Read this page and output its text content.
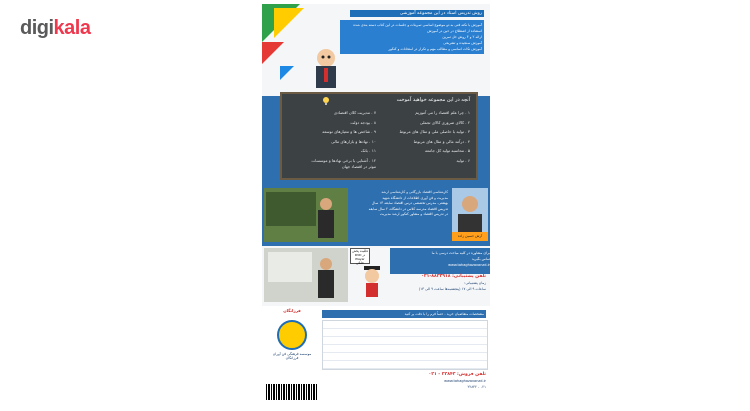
digikala
روش تدریس استاد در این مجموعه آموزشی
آموزش با نکته فنی به دو موضوع اساسی تمرینات و جلسات در این کتاب دسته بندی شده
استفاده از اصطلاح در حین در آموزش
ارائه ۲ و ۳ روش حل تمرین
آموزش سنجیده و تشریحی
آموزش نکات اساسی و مطالب مهم و تکرار در امتحانات و کنکور
آنچه در این مجموعه خواهید آموخت
۱ . چرا علم اقتصاد را می آموزیم
۲ . کالای ضروری کالای تجملی
۳ . تولید با حاصلی ملی و مثال های مربوط
۴ . درآمد مالی و مثال های مربوط
۵ . محاسبه تولید کل جامعه
۶ . تولید
۷ . مدیریت کلان اقتصادی
۸ . بودجه دولت
۹ . شاخص ها و معیارهای توسعه
۱۰ . نهادها و بازارهای مالی
۱۱ . بانک
۱۲ . آشنایی با برخی نهادها و موسسات
موثر در اقتصاد جهان
کارشناسی اقتصاد بازرگانی و کارشناسی ارشد
مدیریت و فن آوری اطلاعات از دانشگاه شهید
بهشتی. مدرس تخصصی درس اقتصاد سابقه ۱۳ سال
تدریس اقتصاد مدرسه کلاس در دانشگاه، ۲ سال سابقه
در تدریس اقتصاد و مشاور کنکور ارشد مدیریت
آرش حسین زاده
قابلیت پخش در DVD Player خانگی
برای مشاوره در کلیه مباحث درسی با ما
تماس بگیرید
www.tahaghazavanzd.ir
تلفن پشتیبانی: ۸۸۲۳۹۱۸-۰۲۱
زمان پشتیبانی:
ساعات ۹ الی ۱۷ (پنجشنبه‌ها ساعت ۹ الی ۱۳)
فرزانگان
مشخصات متقاضیان خرید - حتماً فرم را با دقت پر کنید
موسسه فرهنگی فن آوران فرزانگان
تلفن فروش: ۲۲۸۴۲ - ۰۲۱
www.tahaghazavanzd.ir
۰۲۱ - ۲۲۸۴۲
